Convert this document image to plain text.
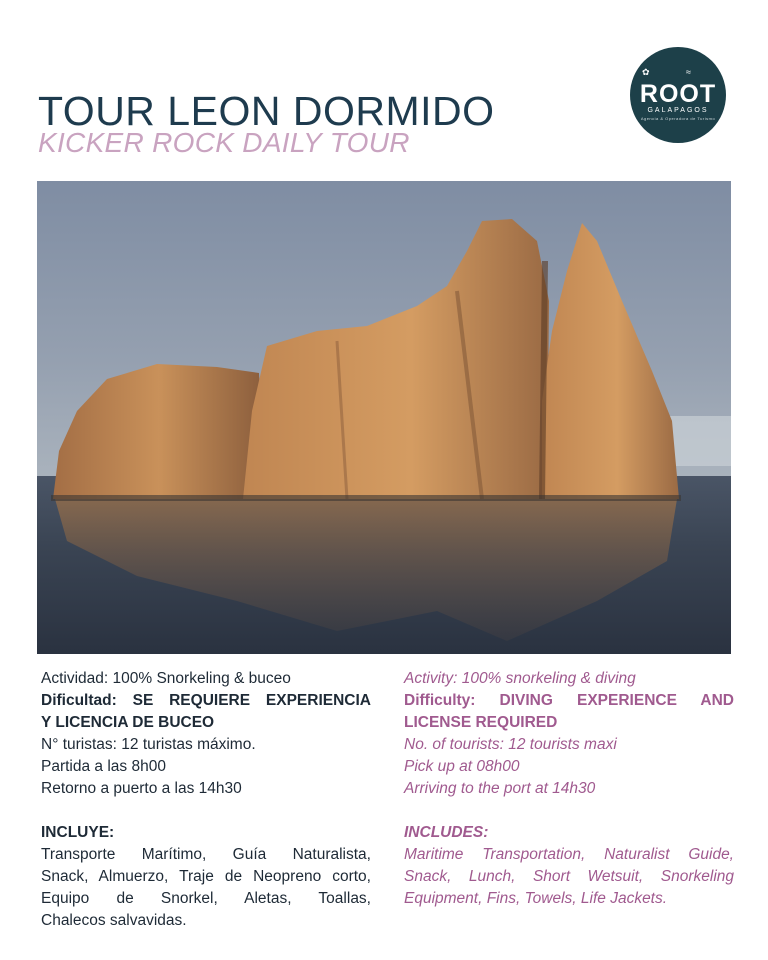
TOUR LEON DORMIDO
KICKER ROCK DAILY TOUR
✿	≈
ROOT
GALAPAGOS
Agencia & Operadora de Turismo

Actividad: 100% Snorkeling & buceo

Dificultad: SE REQUIERE EXPERIENCIA

Y LICENCIA DE BUCEO

N° turistas: 12 turistas máximo.

Partida a las 8h00

Retorno a puerto a las 14h30

INCLUYE:

Transporte Marítimo, Guía Naturalista,

Snack, Almuerzo, Traje de Neopreno corto,

Equipo de Snorkel, Aletas, Toallas,

Chalecos salvavidas.

Activity: 100% snorkeling & diving

Difficulty: DIVING EXPERIENCE AND

LICENSE REQUIRED

No. of tourists: 12 tourists maxi

Pick up at 08h00

Arriving to the port at 14h30

INCLUDES:

Maritime Transportation, Naturalist Guide,

Snack, Lunch, Short Wetsuit, Snorkeling

Equipment, Fins, Towels, Life Jackets.
